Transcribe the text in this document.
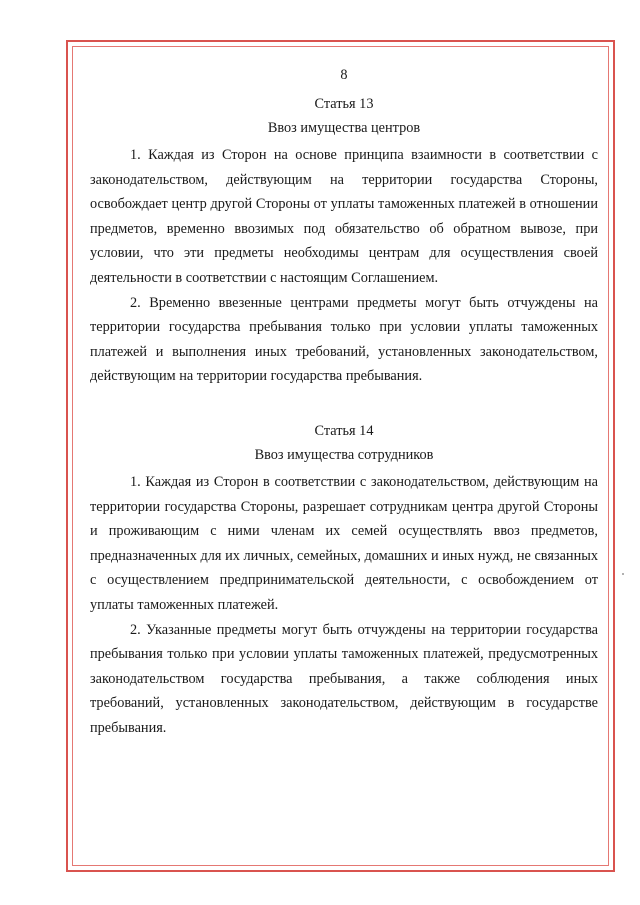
8

Статья 13

Ввоз имущества центров

1. Каждая из Сторон на основе принципа взаимности в соответствии с законодательством, действующим на территории государства Стороны, освобождает центр другой Стороны от уплаты таможенных платежей в отношении предметов, временно ввозимых под обязательство об обратном вывозе, при условии, что эти предметы необходимы центрам для осуществления своей деятельности в соответствии с настоящим Соглашением.

2. Временно ввезенные центрами предметы могут быть отчуждены на территории государства пребывания только при условии уплаты таможенных платежей и выполнения иных требований, установленных законодательством, действующим на территории государства пребывания.

Статья 14

Ввоз имущества сотрудников

1. Каждая из Сторон в соответствии с законодательством, действующим на территории государства Стороны, разрешает сотрудникам центра другой Стороны и проживающим с ними членам их семей осуществлять ввоз предметов, предназначенных для их личных, семейных, домашних и иных нужд, не связанных с осуществлением предпринимательской деятельности, с освобождением от уплаты таможенных платежей.

2. Указанные предметы могут быть отчуждены на территории государства пребывания только при условии уплаты таможенных платежей, предусмотренных законодательством государства пребывания, а также соблюдения иных требований, установленных законодательством, действующим в государстве пребывания.
